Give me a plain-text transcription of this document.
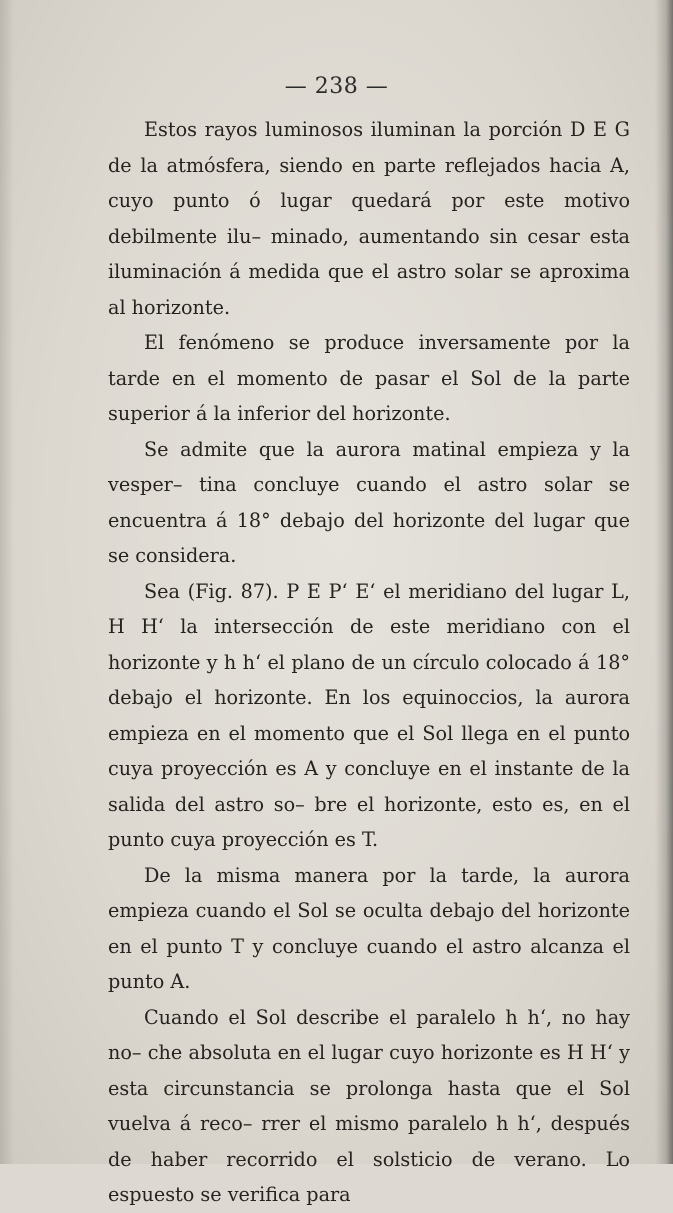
— 238 —

Estos rayos luminosos iluminan la porción D E G de la atmósfera, siendo en parte reflejados hacia A, cuyo punto ó lugar quedará por este motivo debilmente ilu– minado, aumentando sin cesar esta iluminación á medida que el astro solar se aproxima al horizonte.

El fenómeno se produce inversamente por la tarde en el momento de pasar el Sol de la parte superior á la inferior del horizonte.

Se admite que la aurora matinal empieza y la vesper– tina concluye cuando el astro solar se encuentra á 18° debajo del horizonte del lugar que se considera.

Sea (Fig. 87). P E P‘ E‘ el meridiano del lugar L, H H‘ la intersección de este meridiano con el horizonte y h h‘ el plano de un círculo colocado á 18° debajo el horizonte. En los equinoccios, la aurora empieza en el momento que el Sol llega en el punto cuya proyección es A y concluye en el instante de la salida del astro so– bre el horizonte, esto es, en el punto cuya proyección es T.

De la misma manera por la tarde, la aurora empieza cuando el Sol se oculta debajo del horizonte en el punto T y concluye cuando el astro alcanza el punto A.

Cuando el Sol describe el paralelo h h‘, no hay no– che absoluta en el lugar cuyo horizonte es H H‘ y esta circunstancia se prolonga hasta que el Sol vuelva á reco– rrer el mismo paralelo h h‘, después de haber recorrido el solsticio de verano. Lo espuesto se verifica para
